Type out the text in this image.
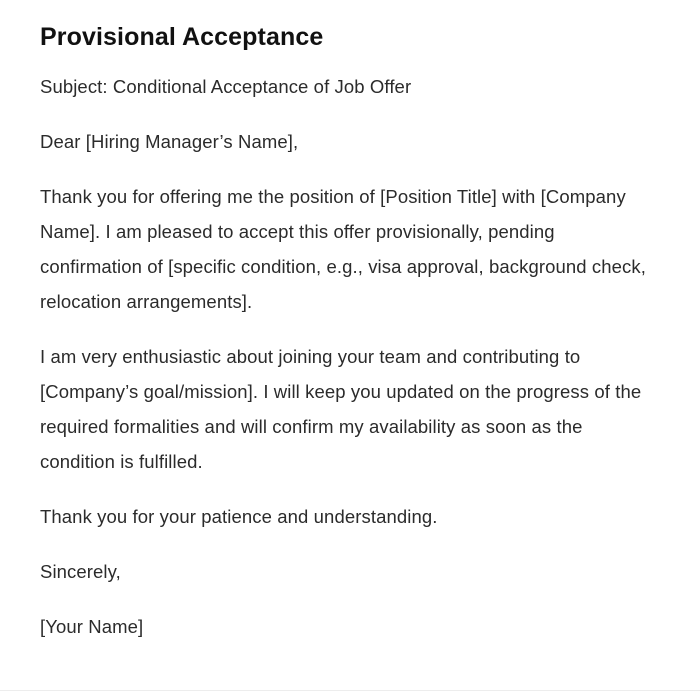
Provisional Acceptance

Subject: Conditional Acceptance of Job Offer

Dear [Hiring Manager’s Name],

Thank you for offering me the position of [Position Title] with [Company Name]. I am pleased to accept this offer provisionally, pending confirmation of [specific condition, e.g., visa approval, background check, relocation arrangements].

I am very enthusiastic about joining your team and contributing to [Company’s goal/mission]. I will keep you updated on the progress of the required formalities and will confirm my availability as soon as the condition is fulfilled.

Thank you for your patience and understanding.

Sincerely,

[Your Name]
